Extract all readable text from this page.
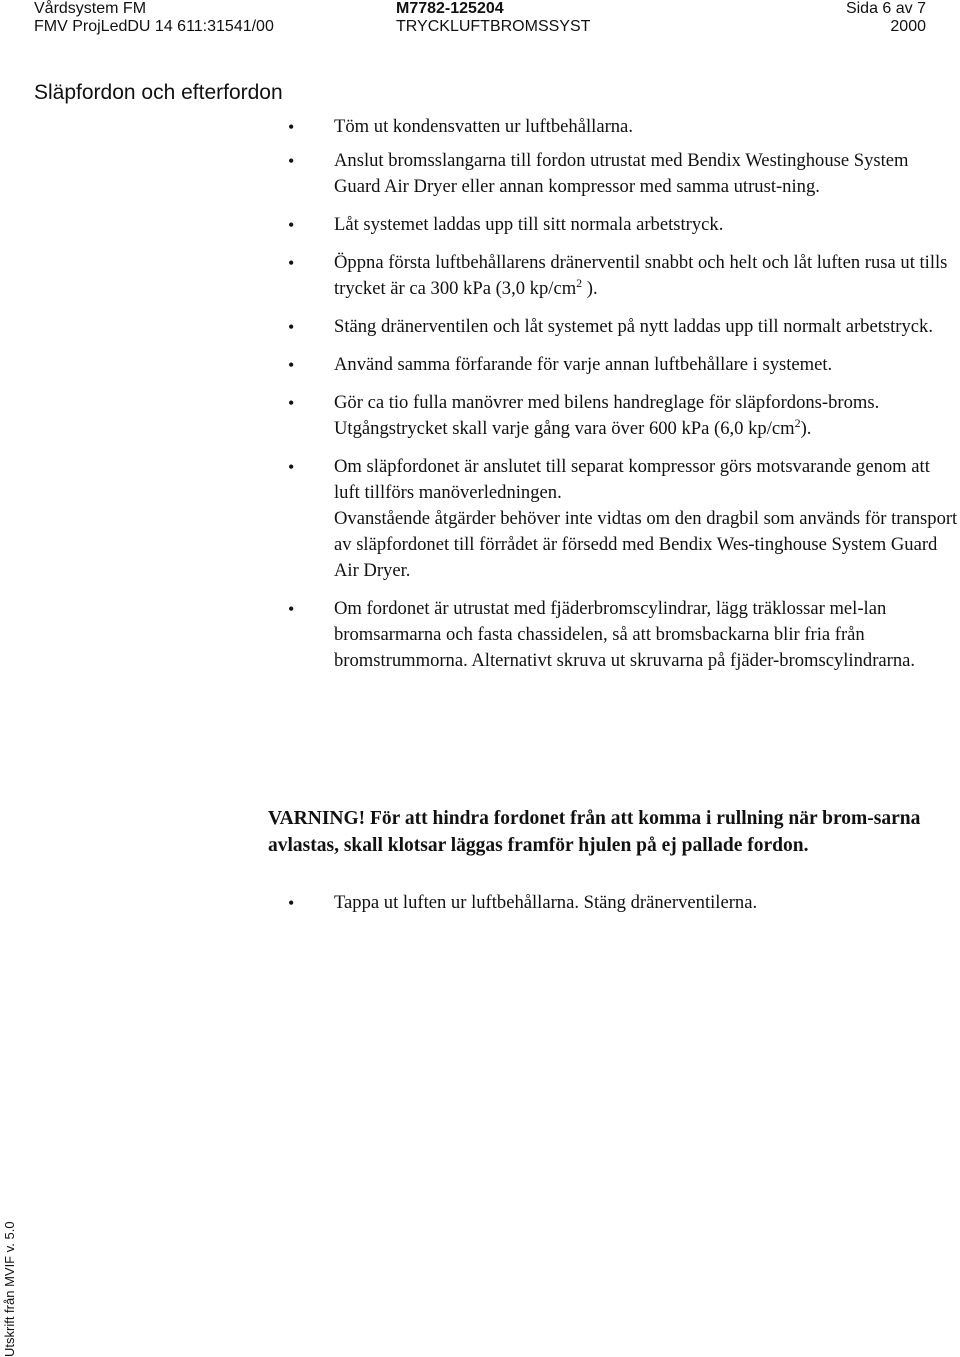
Vårdsystem FM
FMV ProjLedDU 14 611:31541/00
M7782-125204
TRYCKLUFTBROMSSYST
Sida 6 av 7
2000
Släpfordon och efterfordon
• Töm ut kondensvatten ur luftbehållarna.

• Anslut bromsslangarna till fordon utrustat med Bendix Westinghouse System Guard Air Dryer eller annan kompressor med samma utrust-ning.

• Låt systemet laddas upp till sitt normala arbetstryck.

• Öppna första luftbehållarens dränerventil snabbt och helt och låt luften rusa ut tills trycket är ca 300 kPa (3,0 $kp/cm^2$ ).

• Stäng dränerventilen och låt systemet på nytt laddas upp till normalt arbetstryck.

• Använd samma förfarande för varje annan luftbehållare i systemet.

• Gör ca tio fulla manövrer med bilens handreglage för släpfordons-broms. Utgångstrycket skall varje gång vara över 600 kPa (6,0 $kp/cm^2$).

• Om släpfordonet är anslutet till separat kompressor görs motsvarande genom att luft tillförs manöverledningen.

Ovanstående åtgärder behöver inte vidtas om den dragbil som används för transport av släpfordonet till förrådet är försedd med Bendix Wes-tinghouse System Guard Air Dryer.

• Om fordonet är utrustat med fjäderbromscylindrar, lägg träklossar mel-lan bromsarmarna och fasta chassidelen, så att bromsbackarna blir fria från bromstrummorna. Alternativt skruva ut skruvarna på fjäder-bromscylindrarna.

VARNING! För att hindra fordonet från att komma i rullning när brom-sarna avlastas, skall klotsar läggas framför hjulen på ej pallade fordon.
• Tappa ut luften ur luftbehållarna. Stäng dränerventilerna.

Utskrift från MVIF v. 5.0
